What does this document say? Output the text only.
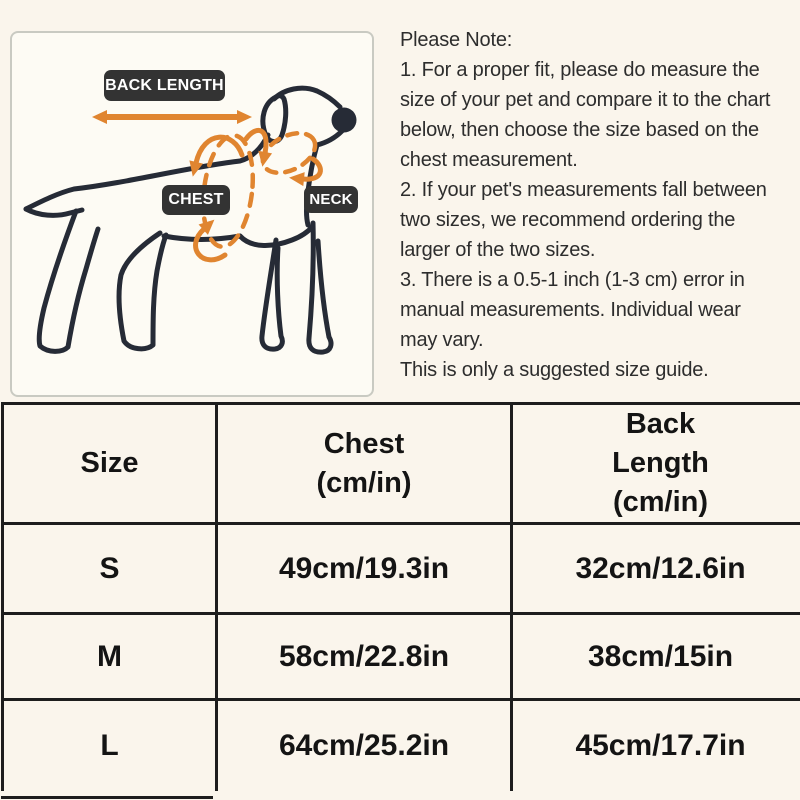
BACK LENGTH
CHEST	NECK
Please Note:
1. For a proper fit, please do measure the
size of your pet and compare it to the chart
below, then choose the size based on the
chest measurement.
2. If your pet's measurements fall between
two sizes, we recommend ordering the
larger of the two sizes.
3. There is a 0.5-1 inch (1-3 cm) error in
manual measurements. Individual wear
may vary.
This is only a suggested size guide.
Size

Chest
(cm/in)

Back
Length
(cm/in)

S	49cm/19.3in	32cm/12.6in
M	58cm/22.8in	38cm/15in
L	64cm/25.2in	45cm/17.7in
